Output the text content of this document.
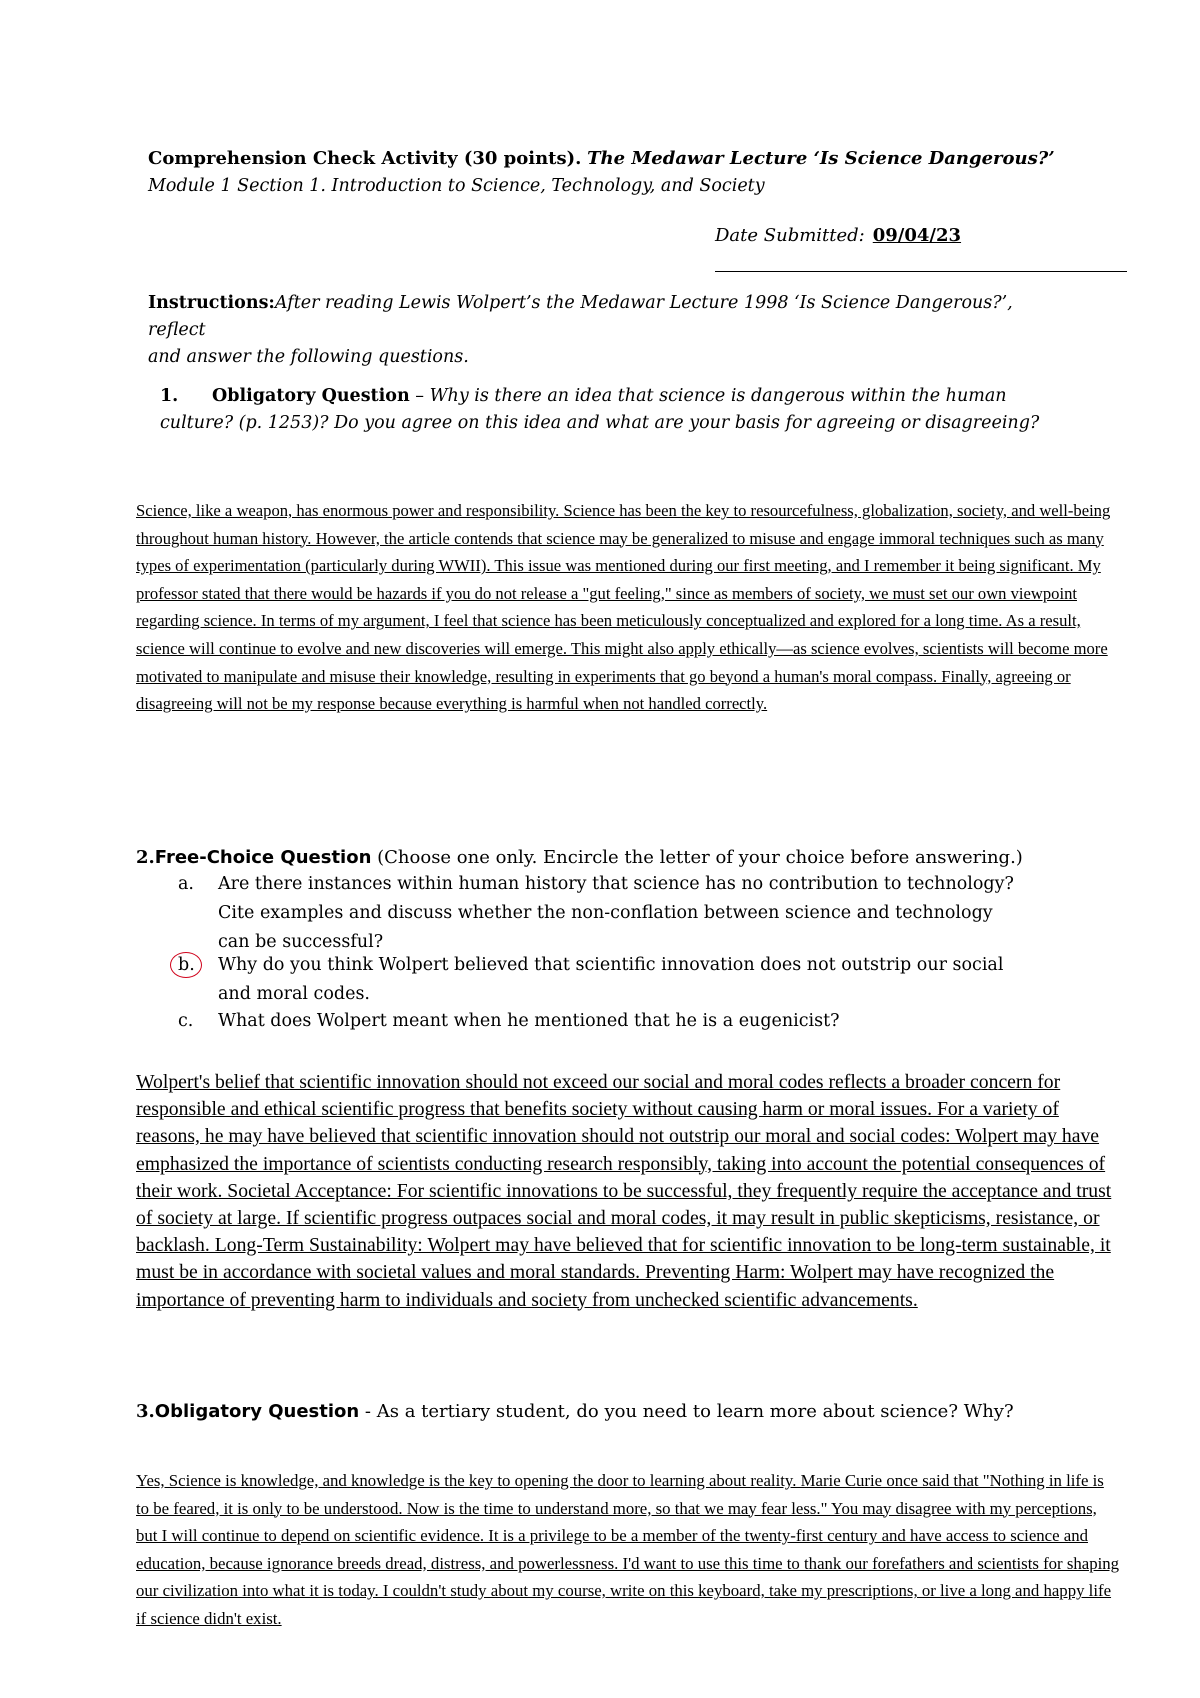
Comprehension Check Activity (30 points). The Medawar Lecture ‘Is Science Dangerous?’
Module 1 Section 1. Introduction to Science, Technology, and Society
Date Submitted: 09/04/23
Instructions:After reading Lewis Wolpert’s the Medawar Lecture 1998 ‘Is Science Dangerous?’,
reflect
and answer the following questions.
1. Obligatory Question – Why is there an idea that science is dangerous within the human culture? (p. 1253)? Do you agree on this idea and what are your basis for agreeing or disagreeing?
Science, like a weapon, has enormous power and responsibility. Science has been the key to resourcefulness, globalization, society, and well-being throughout human history. However, the article contends that science may be generalized to misuse and engage immoral techniques such as many types of experimentation (particularly during WWII). This issue was mentioned during our first meeting, and I remember it being significant. My professor stated that there would be hazards if you do not release a "gut feeling," since as members of society, we must set our own viewpoint regarding science. In terms of my argument, I feel that science has been meticulously conceptualized and explored for a long time. As a result, science will continue to evolve and new discoveries will emerge. This might also apply ethically—as science evolves, scientists will become more motivated to manipulate and misuse their knowledge, resulting in experiments that go beyond a human's moral compass. Finally, agreeing or disagreeing will not be my response because everything is harmful when not handled correctly.
2.Free-Choice Question (Choose one only. Encircle the letter of your choice before answering.)
a.	Are there instances within human history that science has no contribution to technology? Cite examples and discuss whether the non-conflation between science and technology can be successful?
b.	Why do you think Wolpert believed that scientific innovation does not outstrip our social and moral codes.
c.	What does Wolpert meant when he mentioned that he is a eugenicist?
Wolpert's belief that scientific innovation should not exceed our social and moral codes reflects a broader concern for responsible and ethical scientific progress that benefits society without causing harm or moral issues. For a variety of reasons, he may have believed that scientific innovation should not outstrip our moral and social codes: Wolpert may have emphasized the importance of scientists conducting research responsibly, taking into account the potential consequences of their work. Societal Acceptance: For scientific innovations to be successful, they frequently require the acceptance and trust of society at large. If scientific progress outpaces social and moral codes, it may result in public skepticisms, resistance, or backlash. Long-Term Sustainability: Wolpert may have believed that for scientific innovation to be long-term sustainable, it must be in accordance with societal values and moral standards. Preventing Harm: Wolpert may have recognized the importance of preventing harm to individuals and society from unchecked scientific advancements.
3.Obligatory Question - As a tertiary student, do you need to learn more about science? Why?
Yes, Science is knowledge, and knowledge is the key to opening the door to learning about reality. Marie Curie once said that "Nothing in life is to be feared, it is only to be understood. Now is the time to understand more, so that we may fear less." You may disagree with my perceptions, but I will continue to depend on scientific evidence. It is a privilege to be a member of the twenty-first century and have access to science and education, because ignorance breeds dread, distress, and powerlessness. I'd want to use this time to thank our forefathers and scientists for shaping our civilization into what it is today. I couldn't study about my course, write on this keyboard, take my prescriptions, or live a long and happy life if science didn't exist.
